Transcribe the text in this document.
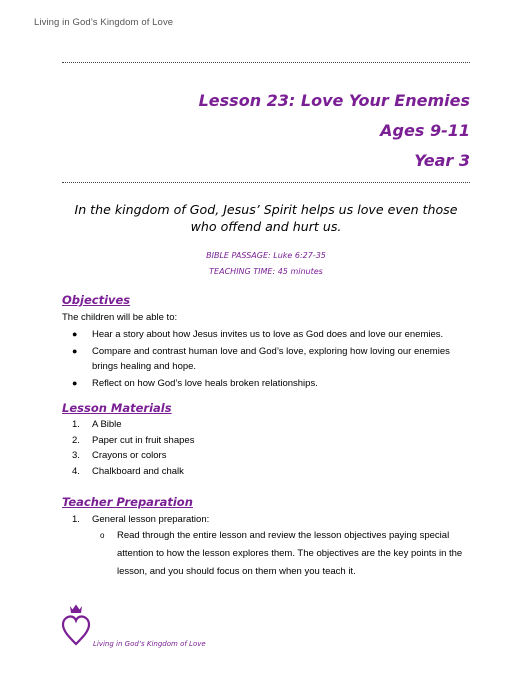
Living in God’s Kingdom of Love
Lesson 23: Love Your Enemies
Ages 9-11
Year 3
In the kingdom of God, Jesus’ Spirit helps us love even those who offend and hurt us.
BIBLE PASSAGE: Luke 6:27-35
TEACHING TIME: 45 minutes
Objectives
The children will be able to:
● Hear a story about how Jesus invites us to love as God does and love our enemies.
● Compare and contrast human love and God’s love, exploring how loving our enemies brings healing and hope.
● Reflect on how God’s love heals broken relationships.
Lesson Materials
1. A Bible
2. Paper cut in fruit shapes
3. Crayons or colors
4. Chalkboard and chalk
Teacher Preparation
1. General lesson preparation:
o Read through the entire lesson and review the lesson objectives paying special attention to how the lesson explores them. The objectives are the key points in the lesson, and you should focus on them when you teach it.
Living in God’s Kingdom of Love
